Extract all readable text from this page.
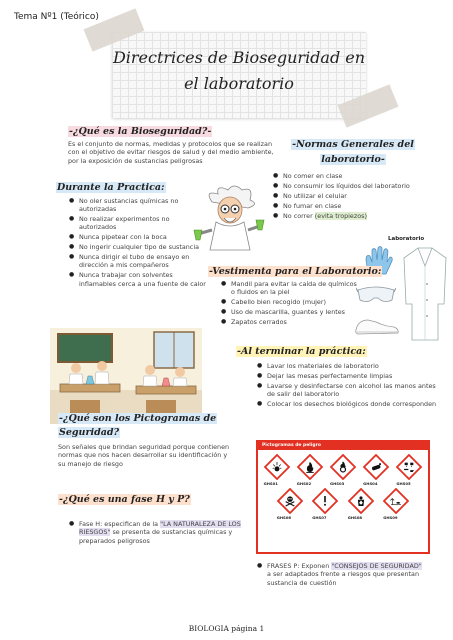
Tema Nº1 (Teórico)
Directrices de Bioseguridad en
el laboratorio
-¿Qué es la Bioseguridad?-
Es el conjunto de normas, medidas y protocolos que se realizan con el objetivo de evitar riesgos de salud y del medio ambiente, por la exposición de sustancias peligrosas
-Normas Generales del
laboratorio-
● No comer en clase
● No consumir los líquidos del laboratorio
● No utilizar el celular
● No fumar en clase
● No correr (evita tropiezos)
Durante la Practica:
● No oler sustancias químicas no autorizadas
● No realizar experimentos no autorizados
● Nunca pipetear con la boca
● No ingerir cualquier tipo de sustancia
● Nunca dirigir el tubo de ensayo en dirección a mis compañeros
● Nunca trabajar con solventes inflamables cerca a una fuente de calor
Laboratorio
-Vestimenta para el Laboratorio:
● Mandil para evitar la caída de químicos o fluidos en la piel
● Cabello bien recogido (mujer)
● Uso de mascarilla, guantes y lentes
● Zapatos cerrados
-Al terminar la práctica:
● Lavar los materiales de laboratorio
● Dejar las mesas perfectamente limpias
● Lavarse y desinfectarse con alcohol las manos antes de salir del laboratorio
● Colocar los desechos biológicos donde corresponden
-¿Qué son los Pictogramas de
Seguridad?
Son señales que brindan seguridad porque contienen normas que nos hacen desarrollar su identificación y su manejo de riesgo
Pictogramas de peligro
GHS01	GHS02	GHS03	GHS04	GHS05
GHS06	GHS07	GHS08	GHS09
-¿Qué es una fase H y P?
● Fase H: especifican de la "LA NATURALEZA DE LOS RIESGOS" se presenta de sustancias químicas y preparados peligrosos
● FRASES P: Exponen "CONSEJOS DE SEGURIDAD" a ser adaptados frente a riesgos que presentan sustancia de cuestión
BIOLOGIA página 1
